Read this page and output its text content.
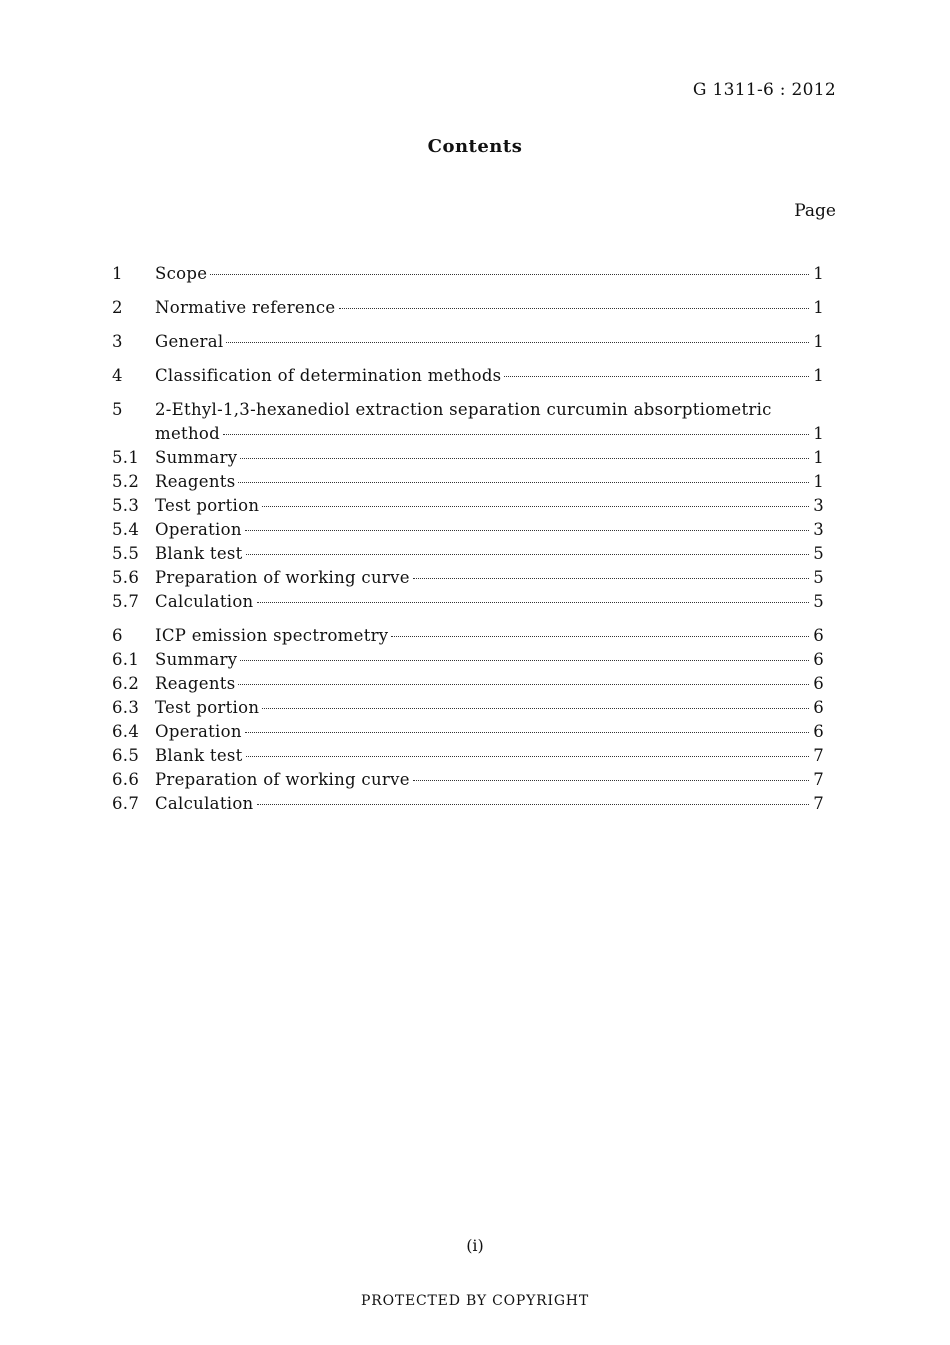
G 1311-6 : 2012
Contents
Page
1	Scope	1
2	Normative reference	1
3	General	1
4	Classification of determination methods	1
5	2-Ethyl-1,3-hexanediol extraction separation curcumin absorptiometric
method	1
5.1 Summary	1
5.2 Reagents	1
5.3 Test portion	3
5.4 Operation	3
5.5 Blank test	5
5.6 Preparation of working curve	5
5.7 Calculation	5
6	ICP emission spectrometry	6
6.1 Summary	6
6.2 Reagents	6
6.3 Test portion	6
6.4 Operation	6
6.5 Blank test	7
6.6 Preparation of working curve	7
6.7 Calculation	7
(i)
PROTECTED BY COPYRIGHT
